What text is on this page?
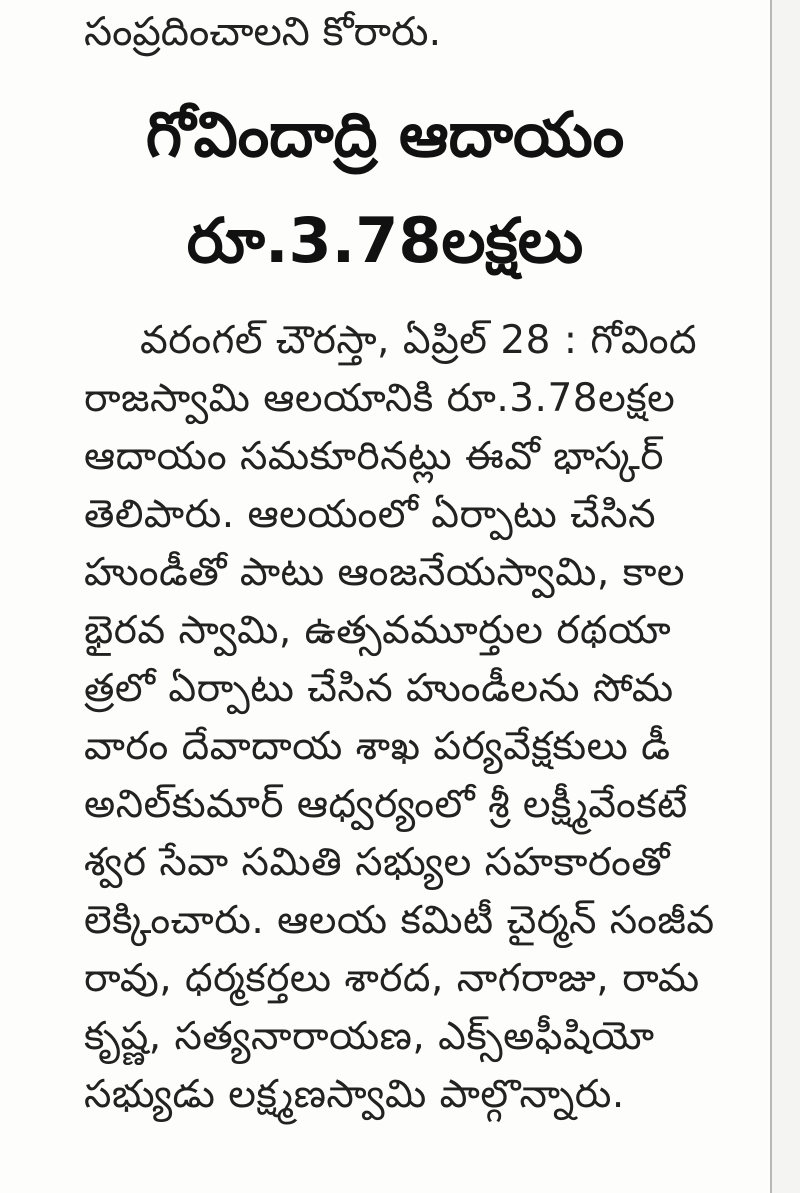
సంప్రదించాలని కోరారు.

గోవిందాద్రి ఆదాయం
రూ.3.78లక్షలు
వరంగల్ చౌరస్తా, ఏప్రిల్ 28 : గోవింద
రాజస్వామి ఆలయానికి రూ.3.78లక్షల
ఆదాయం సమకూరినట్లు ఈవో భాస్కర్
తెలిపారు. ఆలయంలో ఏర్పాటు చేసిన
హుండీతో పాటు ఆంజనేయస్వామి, కాల
భైరవ స్వామి, ఉత్సవమూర్తుల రథయా
త్రలో ఏర్పాటు చేసిన హుండీలను సోమ
వారం దేవాదాయ శాఖ పర్యవేక్షకులు డీ
అనిల్‌కుమార్ ఆధ్వర్యంలో శ్రీ లక్ష్మీవేంకటే
శ్వర సేవా సమితి సభ్యుల సహకారంతో
లెక్కించారు. ఆలయ కమిటీ చైర్మన్ సంజీవ
రావు, ధర్మకర్తలు శారద, నాగరాజు, రామ
కృష్ణ, సత్యనారాయణ, ఎక్స్‌అఫీషియో
సభ్యుడు లక్ష్మణస్వామి పాల్గొన్నారు.
